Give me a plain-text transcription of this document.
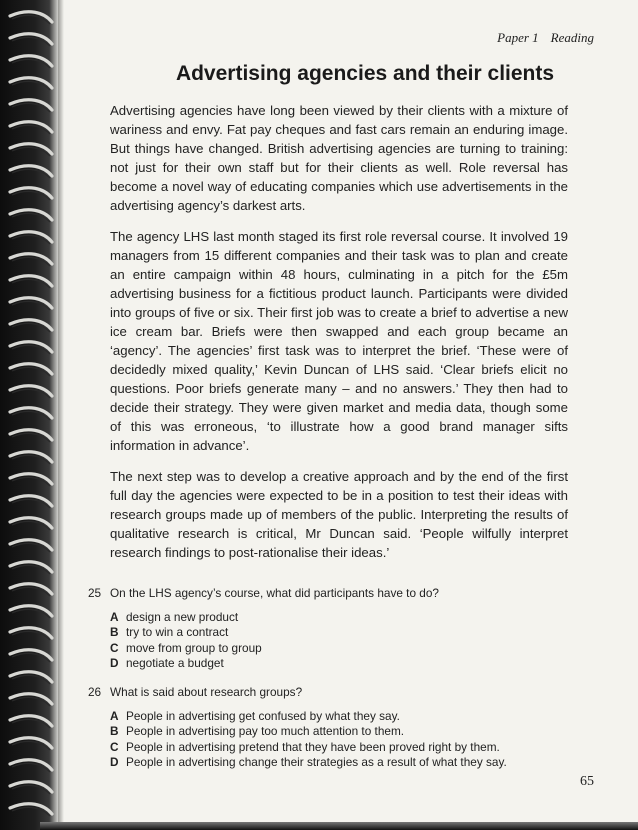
Paper 1 Reading
Advertising agencies and their clients

Advertising agencies have long been viewed by their clients with a mixture of wariness and envy. Fat pay cheques and fast cars remain an enduring image. But things have changed. British advertising agencies are turning to training: not just for their own staff but for their clients as well. Role reversal has become a novel way of educating companies which use advertisements in the advertising agency’s darkest arts.

The agency LHS last month staged its first role reversal course. It involved 19 managers from 15 different companies and their task was to plan and create an entire campaign within 48 hours, culminating in a pitch for the £5m advertising business for a fictitious product launch. Participants were divided into groups of five or six. Their first job was to create a brief to advertise a new ice cream bar. Briefs were then swapped and each group became an ‘agency’. The agencies’ first task was to interpret the brief. ‘These were of decidedly mixed quality,’ Kevin Duncan of LHS said. ‘Clear briefs elicit no questions. Poor briefs generate many – and no answers.’ They then had to decide their strategy. They were given market and media data, though some of this was erroneous, ‘to illustrate how a good brand manager sifts information in advance’.

The next step was to develop a creative approach and by the end of the first full day the agencies were expected to be in a position to test their ideas with research groups made up of members of the public. Interpreting the results of qualitative research is critical, Mr Duncan said. ‘People wilfully interpret research findings to post-rationalise their ideas.’

25 On the LHS agency’s course, what did participants have to do?
A design a new product
B try to win a contract
C move from group to group
D negotiate a budget
26 What is said about research groups?
A People in advertising get confused by what they say.
B People in advertising pay too much attention to them.
C People in advertising pretend that they have been proved right by them.
D People in advertising change their strategies as a result of what they say.
65
